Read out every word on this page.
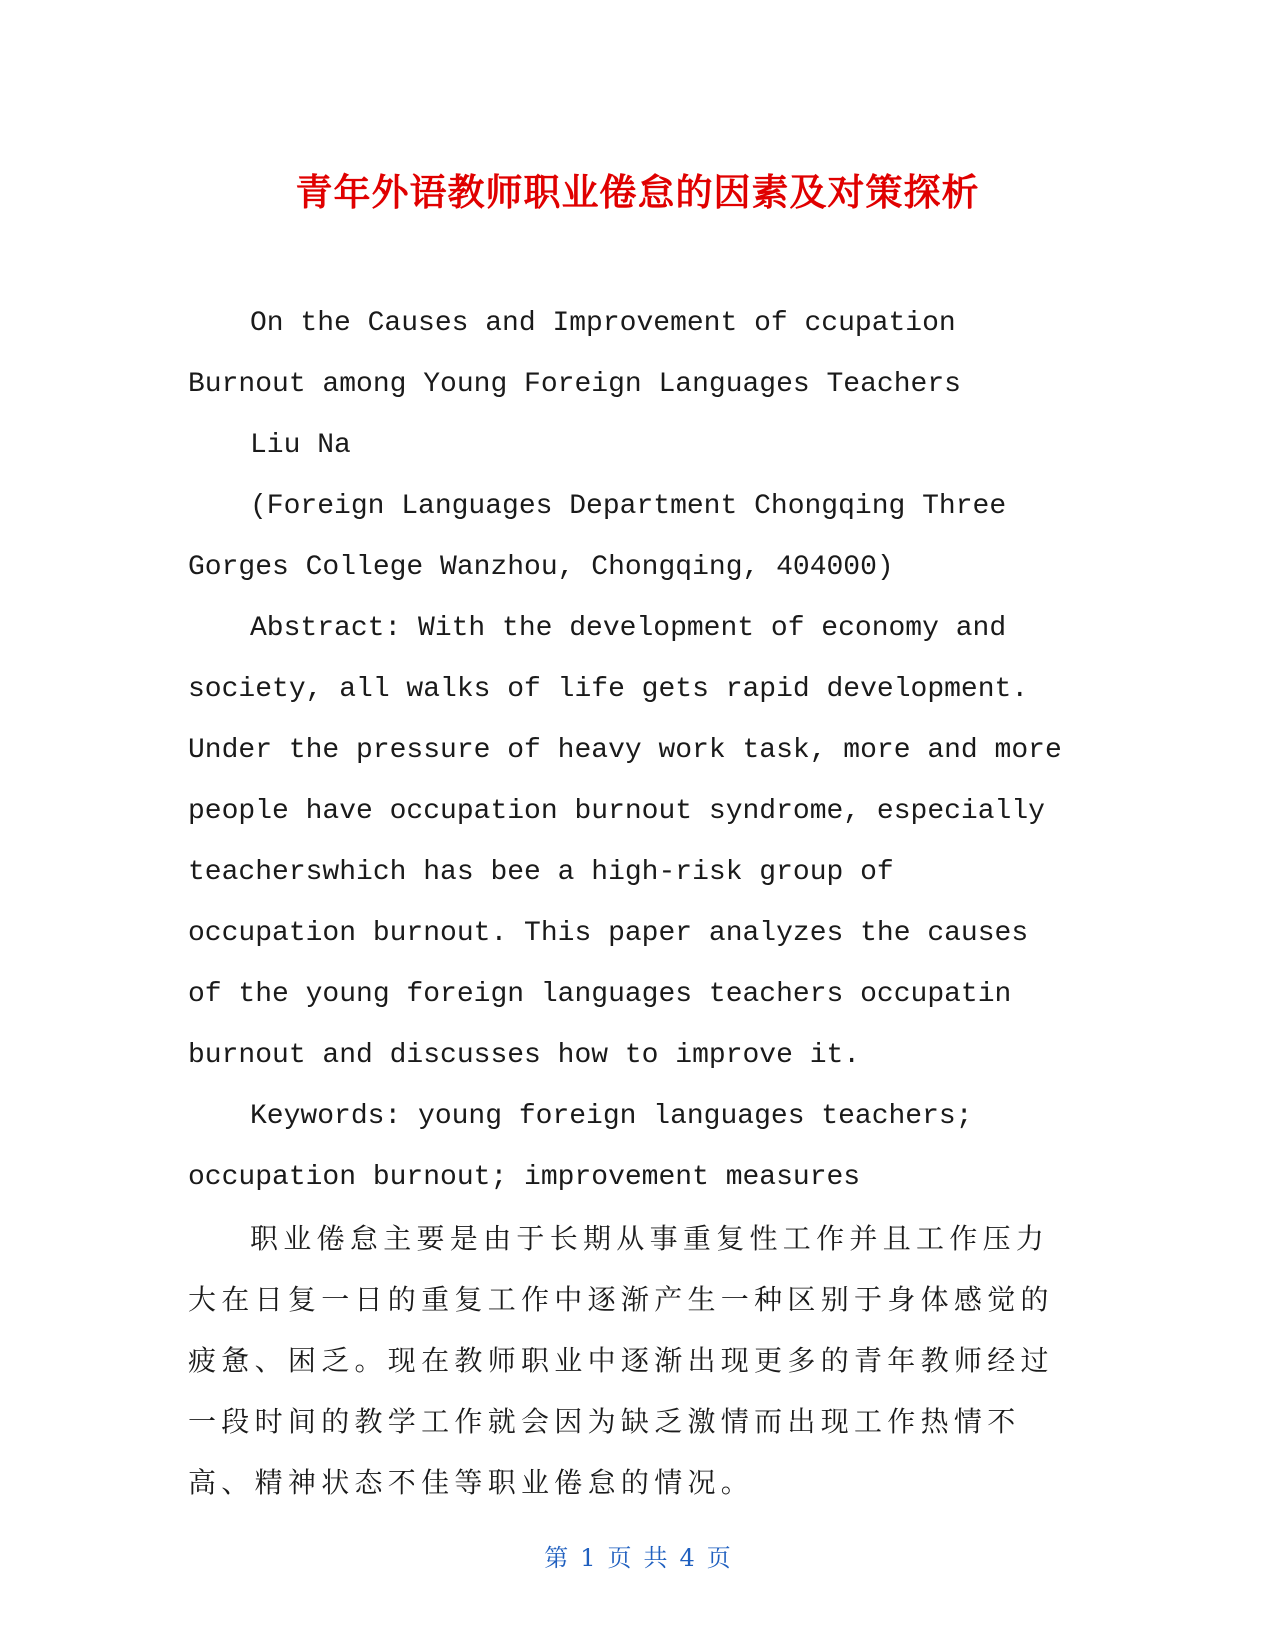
青年外语教师职业倦怠的因素及对策探析

On the Causes and Improvement of ccupation Burnout among Young Foreign Languages Teachers

Liu Na

(Foreign Languages Department Chongqing Three Gorges College Wanzhou, Chongqing, 404000)

Abstract: With the development of economy and society, all walks of life gets rapid development. Under the pressure of heavy work task, more and more people have occupation burnout syndrome, especially teacherswhich has bee a high-risk group of occupation burnout. This paper analyzes the causes of the young foreign languages teachers occupatin burnout and discusses how to improve it.

Keywords: young foreign languages teachers; occupation burnout; improvement measures

职业倦怠主要是由于长期从事重复性工作并且工作压力大在日复一日的重复工作中逐渐产生一种区别于身体感觉的疲惫、困乏。现在教师职业中逐渐出现更多的青年教师经过一段时间的教学工作就会因为缺乏激情而出现工作热情不高、精神状态不佳等职业倦怠的情况。

第 1 页 共 4 页
